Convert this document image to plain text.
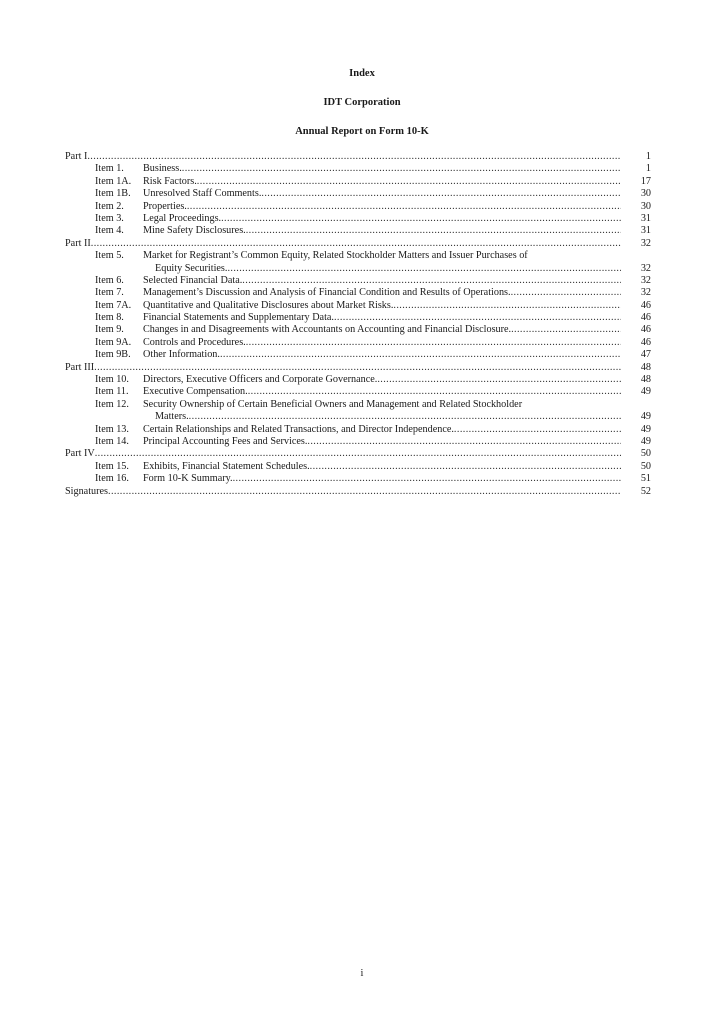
Index
IDT Corporation
Annual Report on Form 10-K
Part I .....	1
Item 1.	Business. .....	1
Item 1A.	Risk Factors. .....	17
Item 1B.	Unresolved Staff Comments. .....	30
Item 2.	Properties. .....	30
Item 3.	Legal Proceedings. .....	31
Item 4.	Mine Safety Disclosures. .....	31
Part II .....	32
Item 5.	Market for Registrant’s Common Equity, Related Stockholder Matters and Issuer Purchases of
Equity Securities. .....	32
Item 6.	Selected Financial Data. .....	32
Item 7.	Management’s Discussion and Analysis of Financial Condition and Results of Operations. .....	32
Item 7A.	Quantitative and Qualitative Disclosures about Market Risks. .....	46
Item 8.	Financial Statements and Supplementary Data. .....	46
Item 9.	Changes in and Disagreements with Accountants on Accounting and Financial Disclosure. .....	46
Item 9A.	Controls and Procedures. .....	46
Item 9B.	Other Information. .....	47
Part III .....	48
Item 10.	Directors, Executive Officers and Corporate Governance. .....	48
Item 11.	Executive Compensation. .....	49
Item 12.	Security Ownership of Certain Beneficial Owners and Management and Related Stockholder
Matters. .....	49
Item 13.	Certain Relationships and Related Transactions, and Director Independence. .....	49
Item 14.	Principal Accounting Fees and Services. .....	49
Part IV .....	50
Item 15.	Exhibits, Financial Statement Schedules. .....	50
Item 16.	Form 10-K Summary. .....	51
Signatures .....	52
i
